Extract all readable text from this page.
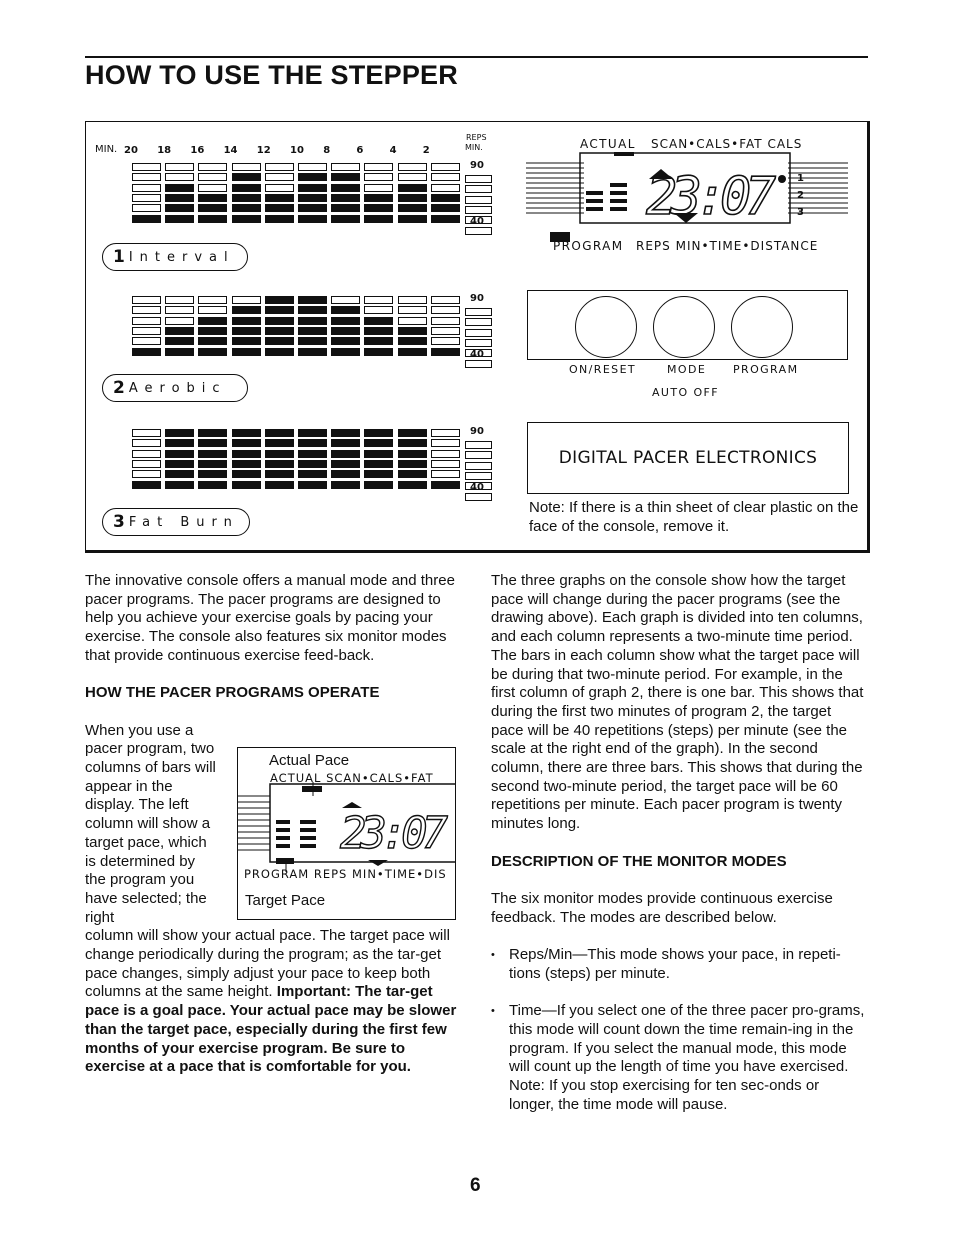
HOW TO USE THE STEPPER
MIN. 20 18 16 14 12 10 8	6	4	2
REPS
MIN.
90
40
1 Interval
90
40
2 Aerobic
90
40
3 Fat Burn
ACTUAL SCAN•CALS•FAT CALS
23:07 1
2
3
PROGRAM REPS MIN•TIME•DISTANCE
ON/RESET	MODE PROGRAM
AUTO OFF
DIGITAL PACER ELECTRONICS
Note: If there is a thin sheet of clear plastic on the face of the console, remove it.

The innovative console offers a manual mode and three pacer programs. The pacer programs are designed to help you achieve your exercise goals by pacing your exercise. The console also features six monitor modes that provide continuous exercise feed-back.

HOW THE PACER PROGRAMS OPERATE

When you use a pacer program, two columns of bars will appear in the display. The left column will show a target pace, which is determined by the program you have selected; the right

column will show your actual pace. The target pace will change periodically during the program; as the tar-get pace changes, simply adjust your pace to keep both columns at the same height. Important: The tar-get pace is a goal pace. Your actual pace may be slower than the target pace, especially during the first few months of your exercise program. Be sure to exercise at a pace that is comfortable for you.

Actual Pace
ACTUAL SCAN•CALS•FAT
23:07
PROGRAM REPS MIN•TIME•DIS
Target Pace

The three graphs on the console show how the target pace will change during the pacer programs (see the drawing above). Each graph is divided into ten columns, and each column represents a two-minute time period. The bars in each column show what the target pace will be during that two-minute period. For example, in the first column of graph 2, there is one bar. This shows that during the first two minutes of program 2, the target pace will be 40 repetitions (steps) per minute (see the scale at the right end of the graph). In the second column, there are three bars. This shows that during the second two-minute period, the target pace will be 60 repetitions per minute. Each pacer program is twenty minutes long.

DESCRIPTION OF THE MONITOR MODES

The six monitor modes provide continuous exercise feedback. The modes are described below.

• Reps/Min—This mode shows your pace, in repeti-tions (steps) per minute.
• Time—If you select one of the three pacer pro-grams, this mode will count down the time remain-ing in the program. If you select the manual mode, this mode will count up the length of time you have exercised. Note: If you stop exercising for ten sec-onds or longer, the time mode will pause.
6
